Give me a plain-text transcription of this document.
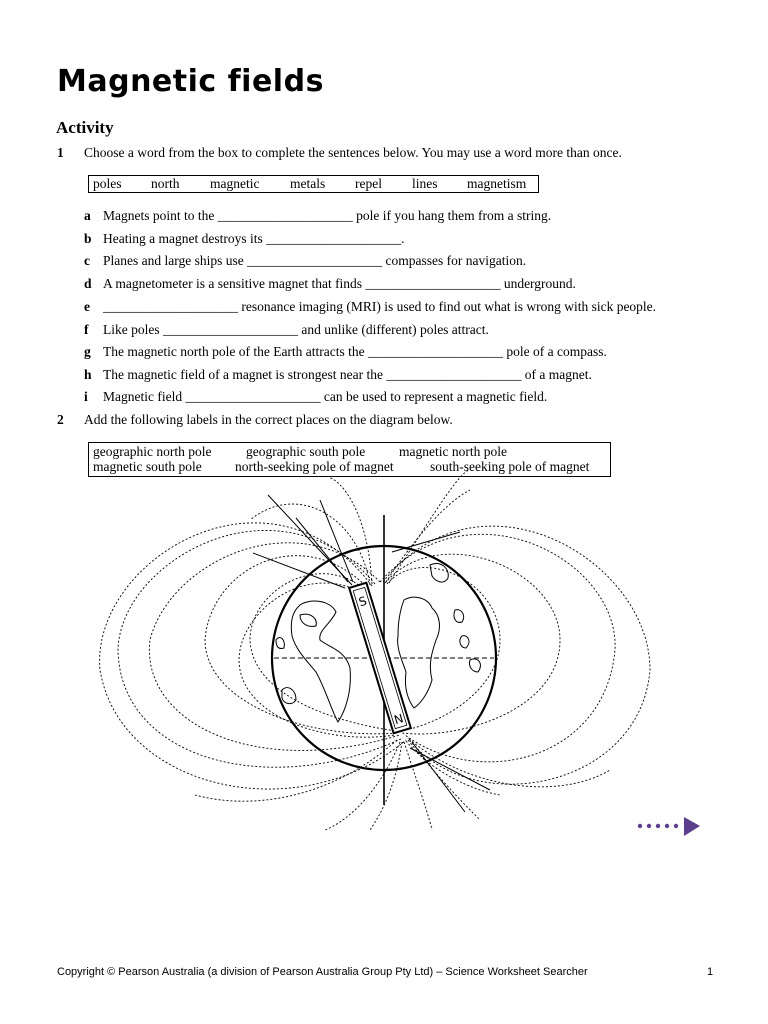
Magnetic fields
Activity
1 Choose a word from the box to complete the sentences below. You may use a word more than once.
poles north magnetic metals repel lines magnetism
a Magnets point to the ____________________ pole if you hang them from a string.
b Heating a magnet destroys its ____________________.
c Planes and large ships use ____________________ compasses for navigation.
d A magnetometer is a sensitive magnet that finds ____________________ underground.
e ____________________ resonance imaging (MRI) is used to find out what is wrong with sick people.
f Like poles ____________________ and unlike (different) poles attract.
g The magnetic north pole of the Earth attracts the ____________________ pole of a compass.
h The magnetic field of a magnet is strongest near the ____________________ of a magnet.
i Magnetic field ____________________ can be used to represent a magnetic field.
2 Add the following labels in the correct places on the diagram below.
geographic north pole	geographic south pole	magnetic north pole
magnetic south pole north-seeking pole of magnet	south-seeking pole of magnet
S
N
Copyright © Pearson Australia (a division of Pearson Australia Group Pty Ltd) – Science Worksheet Searcher	1
